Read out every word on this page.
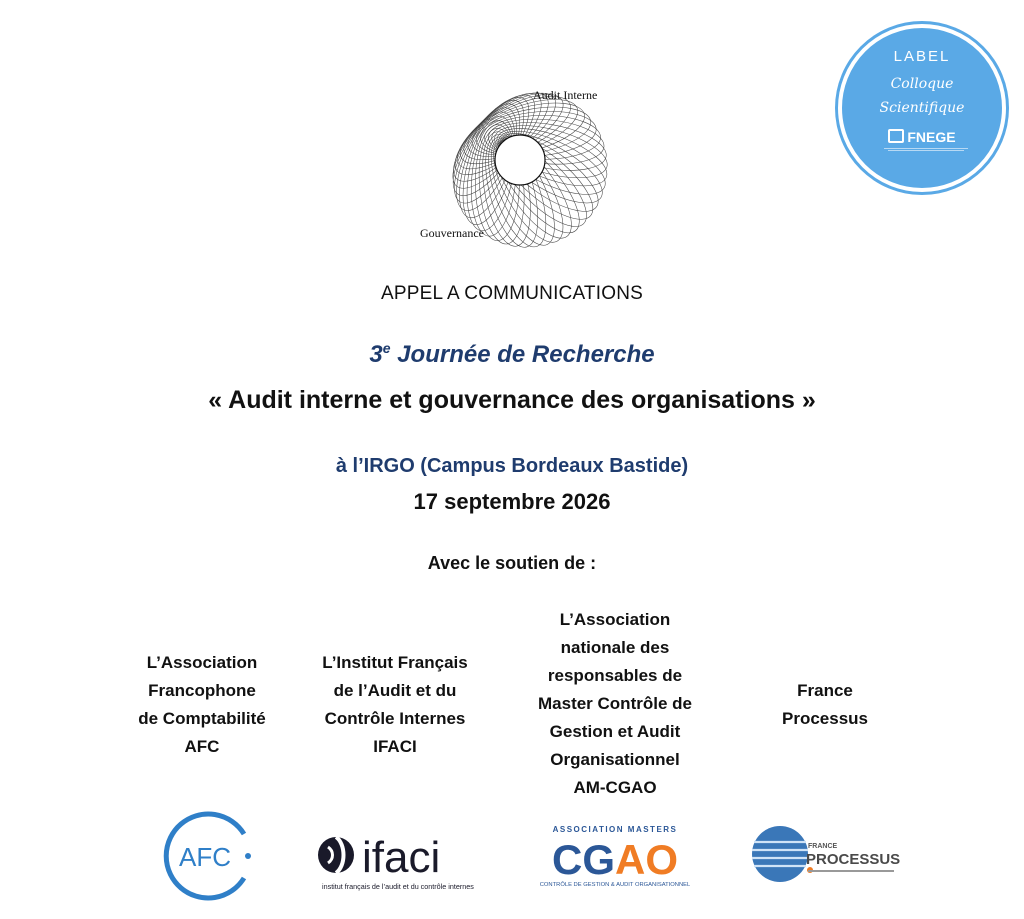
Audit Interne
Gouvernance
LABEL
Colloque
Scientifique
FNEGE
APPEL A COMMUNICATIONS
3e Journée de Recherche
« Audit interne et gouvernance des organisations »
à l’IRGO (Campus Bordeaux Bastide)
17 septembre 2026
Avec le soutien de :
L’Association
Francophone
de Comptabilité
AFC
L’Institut Français
de l’Audit et du
Contrôle Internes
IFACI
L’Association
nationale des
responsables de
Master Contrôle de
Gestion et Audit
Organisationnel
AM-CGAO
France
Processus
AFC	ifaci
institut français de l’audit et du contrôle internes
ASSOCIATION MASTERS
CGAO
CONTRÔLE DE GESTION & AUDIT ORGANISATIONNEL
FRANCE
PROCESSUS
